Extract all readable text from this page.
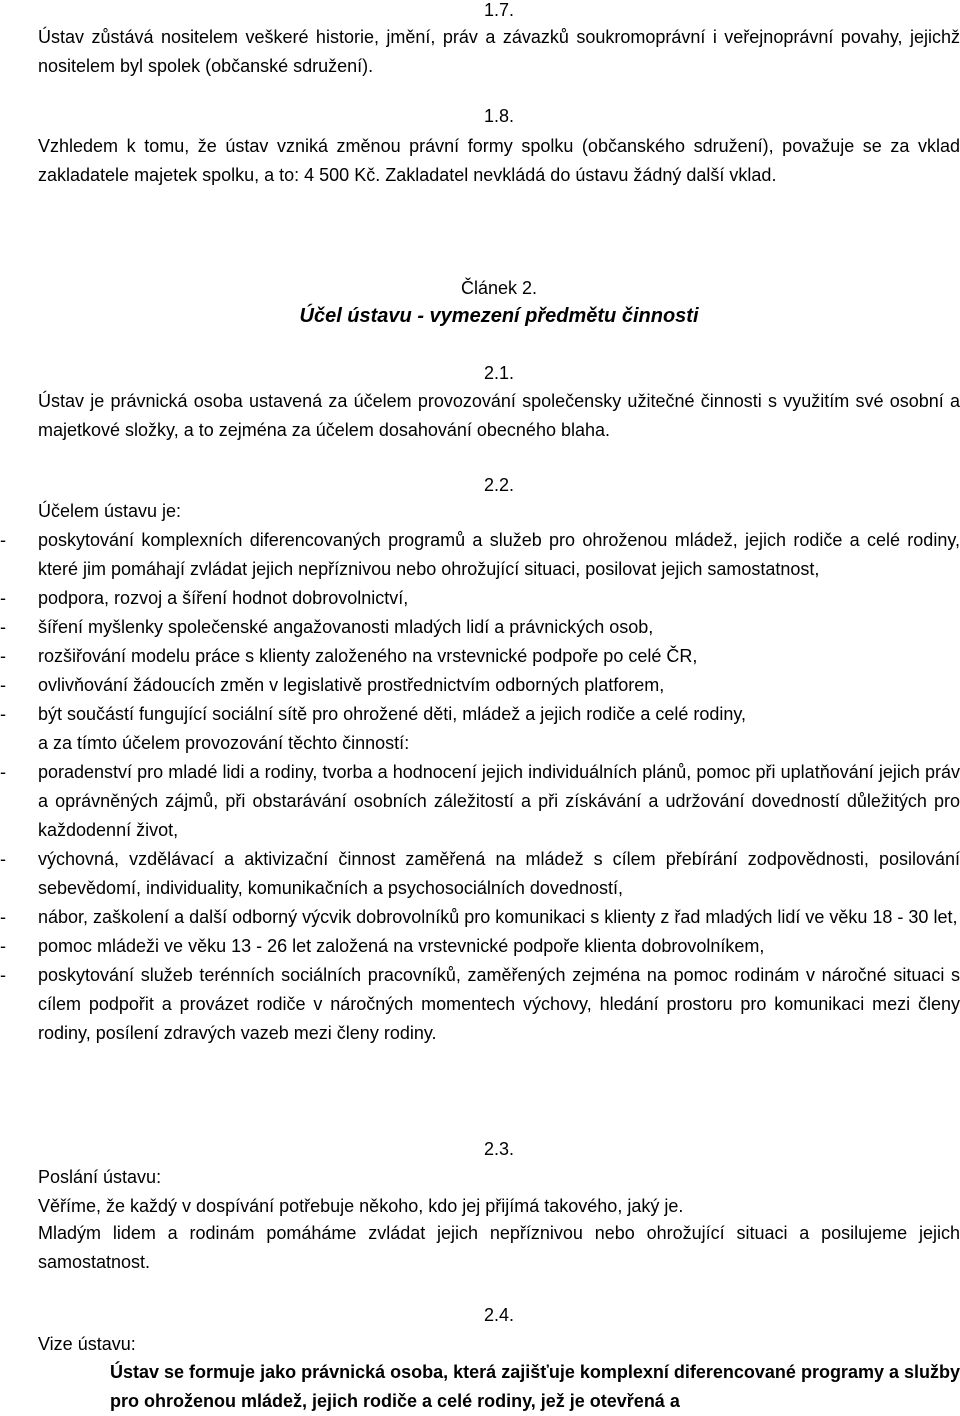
1.7.
Ústav zůstává nositelem veškeré historie, jmění, práv a závazků soukromoprávní i veřejnoprávní povahy, jejichž nositelem byl spolek (občanské sdružení).
1.8.
Vzhledem k tomu, že ústav vzniká změnou právní formy spolku (občanského sdružení), považuje se za vklad zakladatele majetek spolku, a to: 4 500 Kč. Zakladatel nevkládá do ústavu žádný další vklad.
Článek 2.
Účel ústavu - vymezení předmětu činnosti
2.1.
Ústav je právnická osoba ustavená za účelem provozování společensky užitečné činnosti s využitím své osobní a majetkové složky, a to zejména za účelem dosahování obecného blaha.
2.2.
Účelem ústavu je:
-	poskytování komplexních diferencovaných programů a služeb pro ohroženou mládež, jejich rodiče a celé rodiny, které jim pomáhají zvládat jejich nepříznivou nebo ohrožující situaci, posilovat jejich samostatnost,
-	podpora, rozvoj a šíření hodnot dobrovolnictví,
-	šíření myšlenky společenské angažovanosti mladých lidí a právnických osob,
-	rozšiřování modelu práce s klienty založeného na vrstevnické podpoře po celé ČR,
-	ovlivňování žádoucích změn v legislativě prostřednictvím odborných platforem,
-	být součástí fungující sociální sítě pro ohrožené děti, mládež a jejich rodiče a celé rodiny,
a za tímto účelem provozování těchto činností:
-	poradenství pro mladé lidi a rodiny, tvorba a hodnocení jejich individuálních plánů, pomoc při uplatňování jejich práv a oprávněných zájmů, při obstarávání osobních záležitostí a při získávání a udržování dovedností důležitých pro každodenní život,
-	výchovná, vzdělávací a aktivizační činnost zaměřená na mládež s cílem přebírání zodpovědnosti, posilování sebevědomí, individuality, komunikačních a psychosociálních dovedností,
-	nábor, zaškolení a další odborný výcvik dobrovolníků pro komunikaci s klienty z řad mladých lidí ve věku 18 - 30 let,
-	pomoc mládeži ve věku 13 - 26 let založená na vrstevnické podpoře klienta dobrovolníkem,
-	poskytování služeb terénních sociálních pracovníků, zaměřených zejména na pomoc rodinám v náročné situaci s cílem podpořit a provázet rodiče v náročných momentech výchovy, hledání prostoru pro komunikaci mezi členy rodiny, posílení zdravých vazeb mezi členy rodiny.
2.3.
Poslání ústavu:
Věříme, že každý v dospívání potřebuje někoho, kdo jej přijímá takového, jaký je.
Mladým lidem a rodinám pomáháme zvládat jejich nepříznivou nebo ohrožující situaci a posilujeme jejich samostatnost.
2.4.
Vize ústavu:
Ústav se formuje jako právnická osoba, která zajišťuje komplexní diferencované programy a služby pro ohroženou mládež, jejich rodiče a celé rodiny, jež je otevřená a
